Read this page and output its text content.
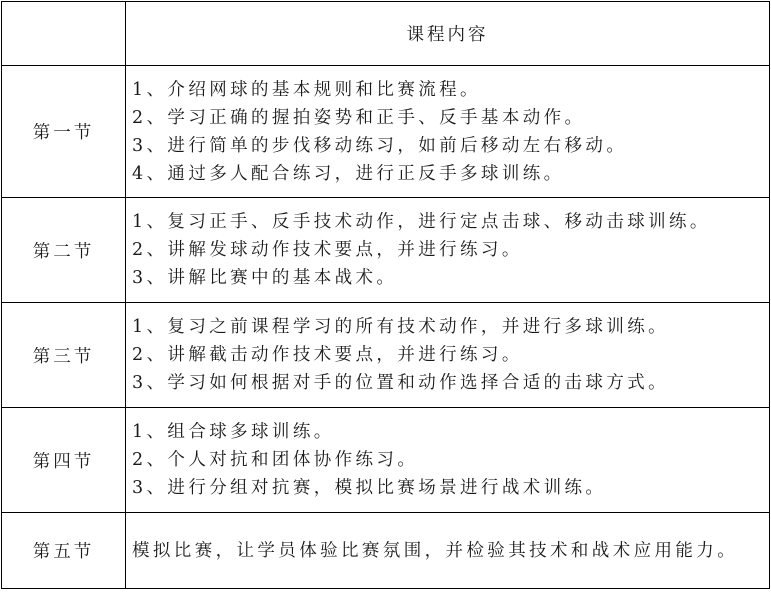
	课程内容
第一节	1、介绍网球的基本规则和比赛流程。
2、学习正确的握拍姿势和正手、反手基本动作。
3、进行简单的步伐移动练习，如前后移动左右移动。
4、通过多人配合练习，进行正反手多球训练。

第二节	1、复习正手、反手技术动作，进行定点击球、移动击球训练。
2、讲解发球动作技术要点，并进行练习。
3、讲解比赛中的基本战术。

第三节	1、复习之前课程学习的所有技术动作，并进行多球训练。
2、讲解截击动作技术要点，并进行练习。
3、学习如何根据对手的位置和动作选择合适的击球方式。

第四节	1、组合球多球训练。
2、个人对抗和团体协作练习。
3、进行分组对抗赛，模拟比赛场景进行战术训练。

第五节	模拟比赛，让学员体验比赛氛围，并检验其技术和战术应用能力。
